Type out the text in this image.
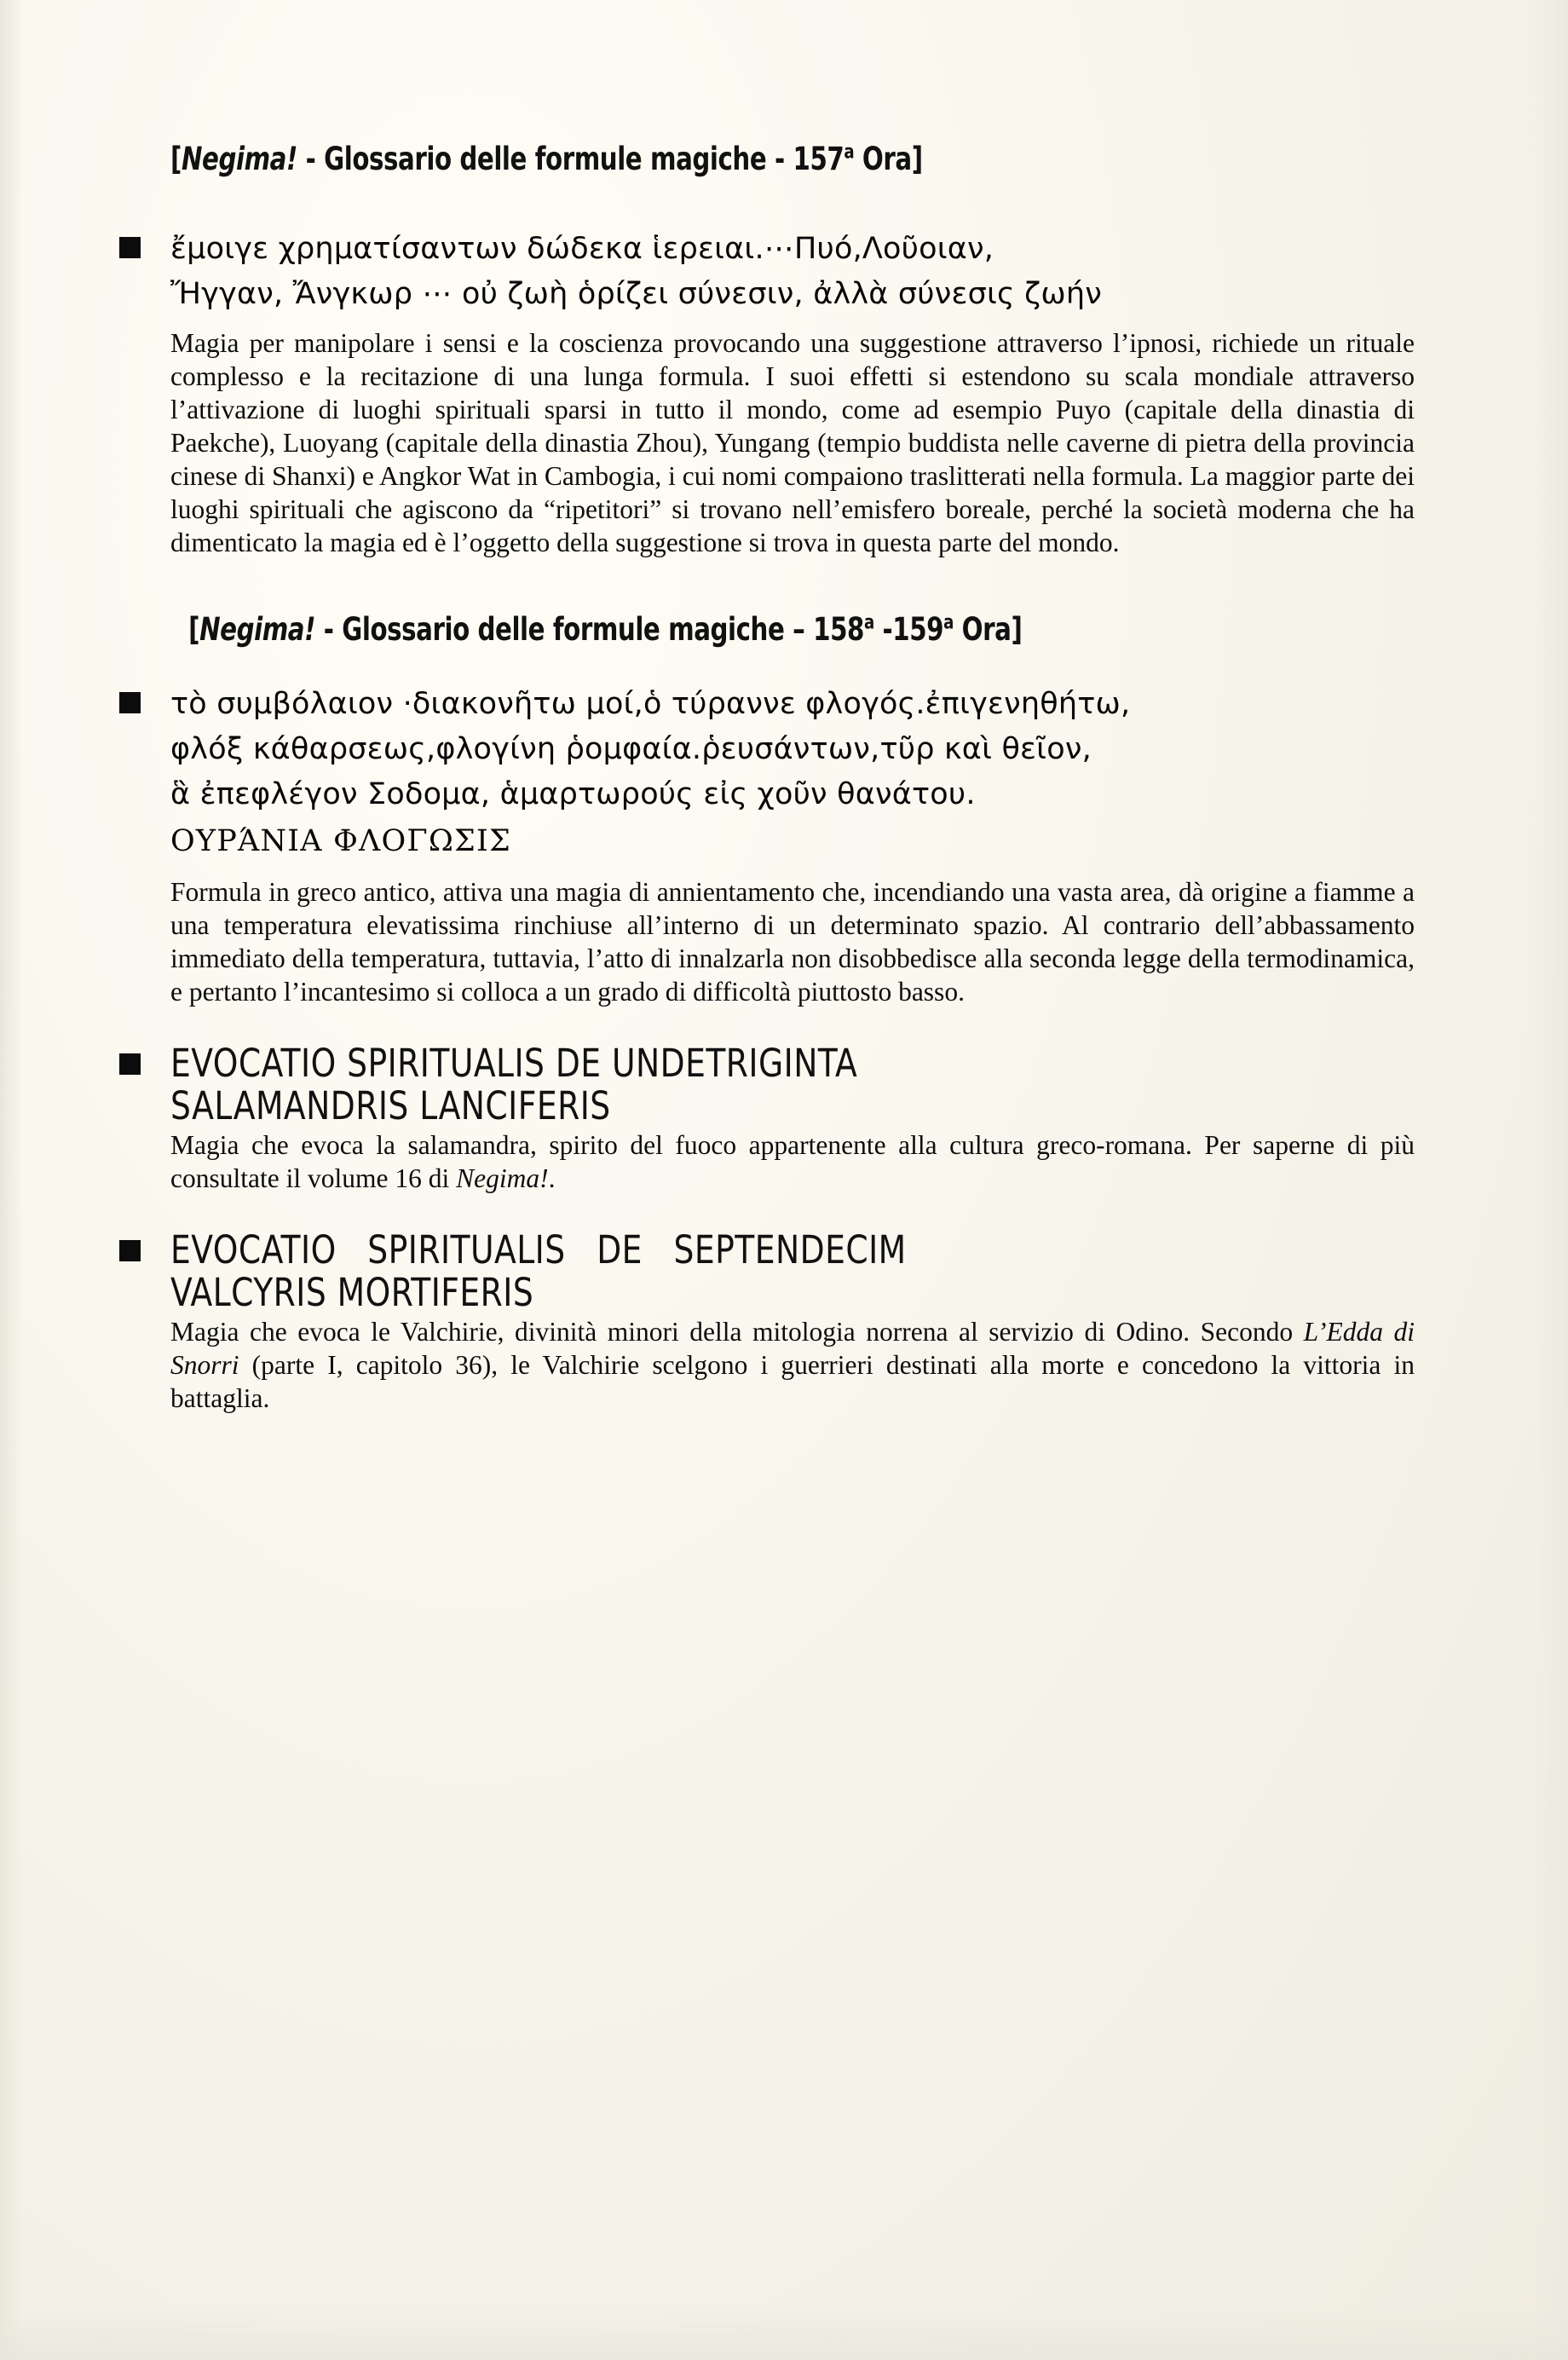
[Negima! - Glossario delle formule magiche - 157$^a$ Ora]

ἔμοιγε χρηματίσαντων δώδεκα ἱερειαι.⋯Πυό,Λοῦοιαν,

Ἤγγαν, Ἄνγκωρ ⋯ οὐ ζωὴ ὁρίζει σύνεσιν, ἀλλὰ σύνεσις ζωήν

Magia per manipolare i sensi e la coscienza provocando una suggestione attraverso l’ipnosi, richiede un rituale complesso e la recitazione di una lunga formula. I suoi effetti si estendono su scala mondiale attraverso l’attivazione di luoghi spirituali sparsi in tutto il mondo, come ad esempio Puyo (capitale della dinastia di Paekche), Luoyang (capitale della dinastia Zhou), Yungang (tempio buddista nelle caverne di pietra della provincia cinese di Shanxi) e Angkor Wat in Cambogia, i cui nomi compaiono traslitterati nella formula. La maggior parte dei luoghi spirituali che agiscono da “ripetitori” si trovano nell’emisfero boreale, perché la società moderna che ha dimenticato la magia ed è l’oggetto della suggestione si trova in questa parte del mondo.

[Negima! - Glossario delle formule magiche – 158$^a$ -159$^a$ Ora]

τὸ συμβόλαιον ·διακονῆτω μοί,ὁ τύραννε φλογός.ἐπιγενηθήτω,

φλόξ κάθαρσεως,φλογίνη ῥομφαία.ῥευσάντων,τῦρ καὶ θεῖον,

ἃ ἐπεφλέγον Σοδομα, ἁμαρτωρούς εἰς χοῦν θανάτου.

ΟΥΡΆΝΙΑ ΦΛΟΓΩΣΙΣ

Formula in greco antico, attiva una magia di annientamento che, incendiando una vasta area, dà origine a fiamme a una temperatura elevatissima rinchiuse all’interno di un determinato spazio. Al contrario dell’abbassamento immediato della temperatura, tuttavia, l’atto di innalzarla non disobbedisce alla seconda legge della termodinamica, e pertanto l’incantesimo si colloca a un grado di difficoltà piuttosto basso.

EVOCATIO SPIRITUALIS DE UNDETRIGINTA
SALAMANDRIS LANCIFERIS

Magia che evoca la salamandra, spirito del fuoco appartenente alla cultura greco-romana. Per saperne di più consultate il volume 16 di Negima!.

EVOCATIO SPIRITUALIS DE SEPTENDECIM
VALCYRIS MORTIFERIS

Magia che evoca le Valchirie, divinità minori della mitologia norrena al servizio di Odino. Secondo L’Edda di Snorri (parte I, capitolo 36), le Valchirie scelgono i guerrieri destinati alla morte e concedono la vittoria in battaglia.
